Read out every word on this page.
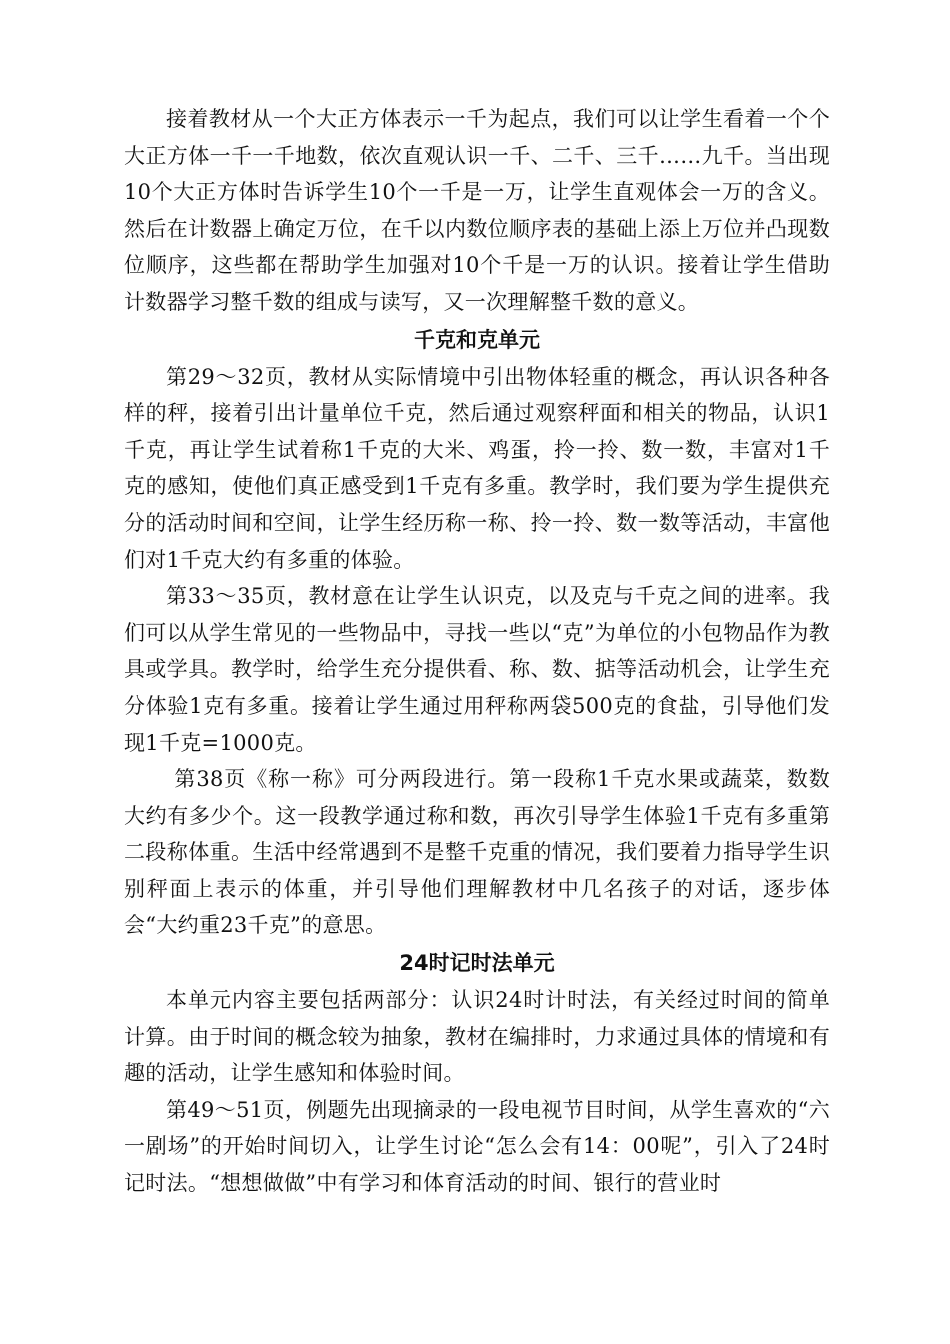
接着教材从一个大正方体表示一千为起点，我们可以让学生看着一个个大正方体一千一千地数，依次直观认识一千、二千、三千……九千。当出现10个大正方体时告诉学生10个一千是一万，让学生直观体会一万的含义。然后在计数器上确定万位，在千以内数位顺序表的基础上添上万位并凸现数位顺序，这些都在帮助学生加强对10个千是一万的认识。接着让学生借助计数器学习整千数的组成与读写，又一次理解整千数的意义。

千克和克单元

第29～32页，教材从实际情境中引出物体轻重的概念，再认识各种各样的秤，接着引出计量单位千克，然后通过观察秤面和相关的物品，认识1千克，再让学生试着称1千克的大米、鸡蛋，拎一拎、数一数，丰富对1千克的感知，使他们真正感受到1千克有多重。教学时，我们要为学生提供充分的活动时间和空间，让学生经历称一称、拎一拎、数一数等活动，丰富他们对1千克大约有多重的体验。

第33～35页，教材意在让学生认识克，以及克与千克之间的进率。我们可以从学生常见的一些物品中，寻找一些以“克”为单位的小包物品作为教具或学具。教学时，给学生充分提供看、称、数、掂等活动机会，让学生充分体验1克有多重。接着让学生通过用秤称两袋500克的食盐，引导他们发现1千克=1000克。

第38页《称一称》可分两段进行。第一段称1千克水果或蔬菜，数数大约有多少个。这一段教学通过称和数，再次引导学生体验1千克有多重第二段称体重。生活中经常遇到不是整千克重的情况，我们要着力指导学生识别秤面上表示的体重，并引导他们理解教材中几名孩子的对话，逐步体会“大约重23千克”的意思。

24时记时法单元

本单元内容主要包括两部分：认识24时计时法，有关经过时间的简单计算。由于时间的概念较为抽象，教材在编排时，力求通过具体的情境和有趣的活动，让学生感知和体验时间。

第49～51页，例题先出现摘录的一段电视节目时间，从学生喜欢的“六一剧场”的开始时间切入，让学生讨论“怎么会有14：00呢”，引入了24时记时法。“想想做做”中有学习和体育活动的时间、银行的营业时
